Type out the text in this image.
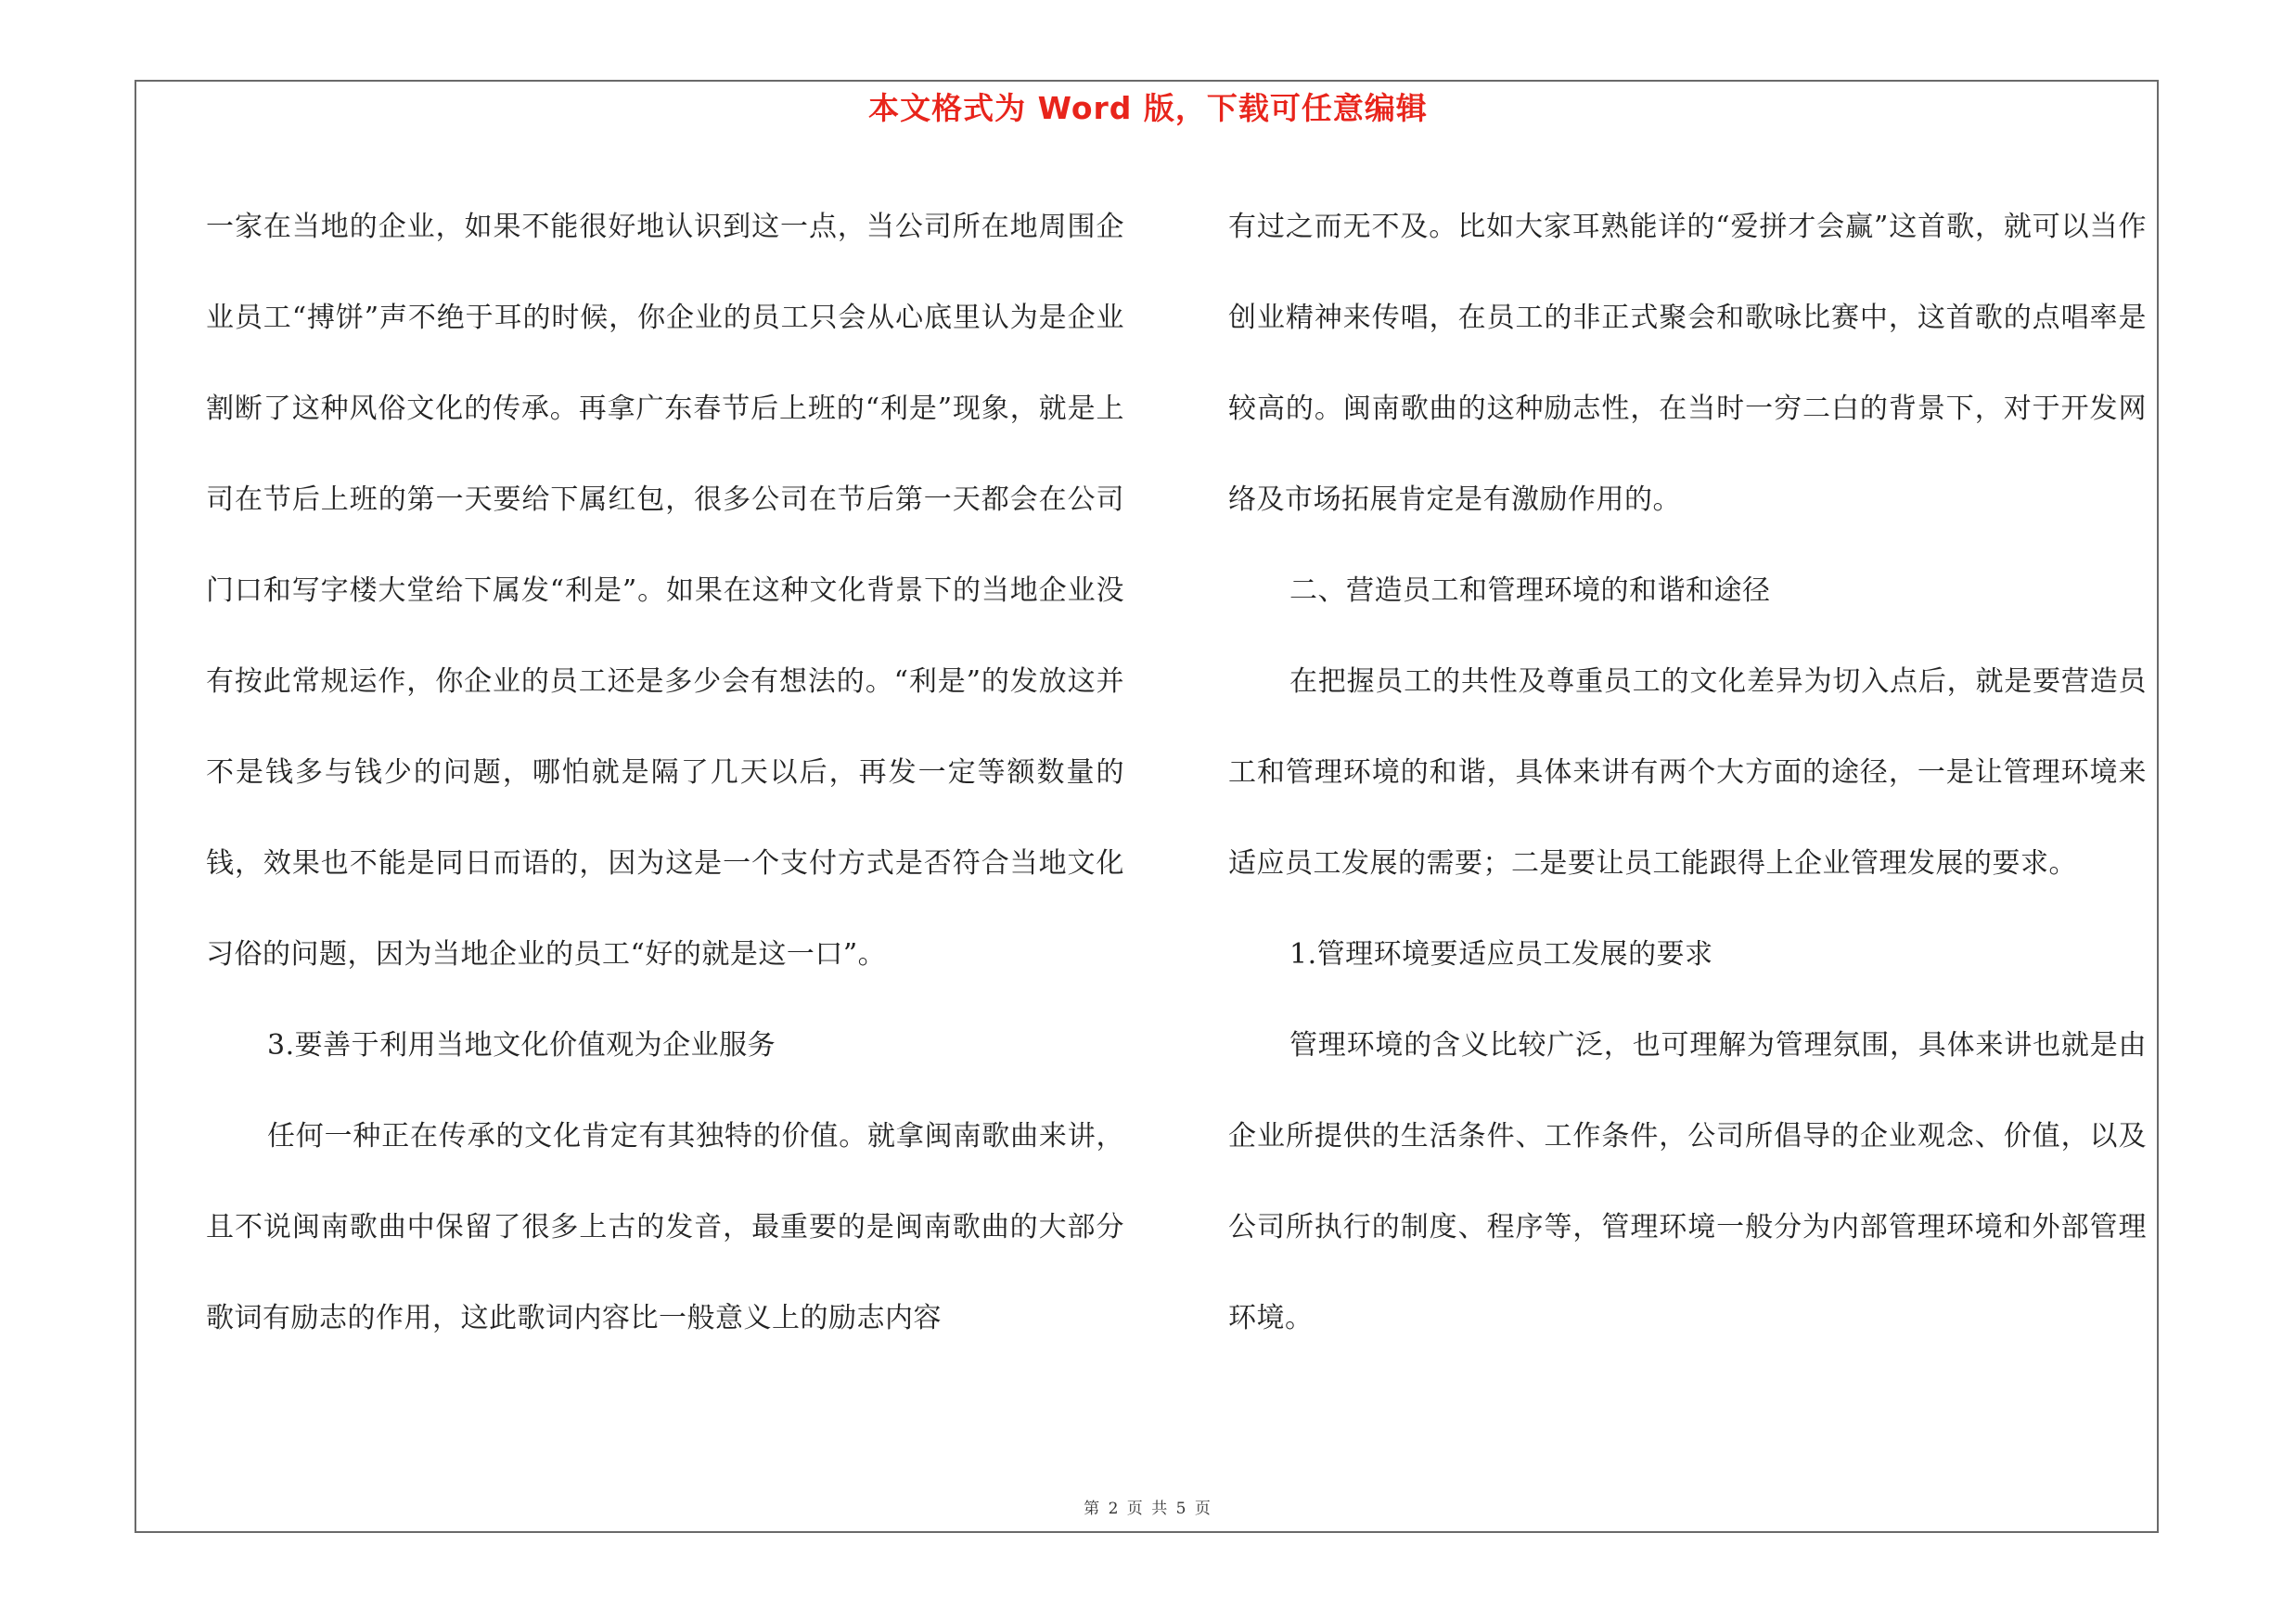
本文格式为 Word 版，下载可任意编辑

一家在当地的企业，如果不能很好地认识到这一点，当公司所在地周围企业员工“搏饼”声不绝于耳的时候，你企业的员工只会从心底里认为是企业割断了这种风俗文化的传承。再拿广东春节后上班的“利是”现象，就是上司在节后上班的第一天要给下属红包，很多公司在节后第一天都会在公司门口和写字楼大堂给下属发“利是”。如果在这种文化背景下的当地企业没有按此常规运作，你企业的员工还是多少会有想法的。“利是”的发放这并不是钱多与钱少的问题，哪怕就是隔了几天以后，再发一定等额数量的钱，效果也不能是同日而语的，因为这是一个支付方式是否符合当地文化习俗的问题，因为当地企业的员工“好的就是这一口”。

3.要善于利用当地文化价值观为企业服务

任何一种正在传承的文化肯定有其独特的价值。就拿闽南歌曲来讲，且不说闽南歌曲中保留了很多上古的发音，最重要的是闽南歌曲的大部分歌词有励志的作用，这此歌词内容比一般意义上的励志内容

有过之而无不及。比如大家耳熟能详的“爱拼才会赢”这首歌，就可以当作创业精神来传唱，在员工的非正式聚会和歌咏比赛中，这首歌的点唱率是较高的。闽南歌曲的这种励志性，在当时一穷二白的背景下，对于开发网络及市场拓展肯定是有激励作用的。

二、营造员工和管理环境的和谐和途径

在把握员工的共性及尊重员工的文化差异为切入点后，就是要营造员工和管理环境的和谐，具体来讲有两个大方面的途径，一是让管理环境来适应员工发展的需要；二是要让员工能跟得上企业管理发展的要求。

1.管理环境要适应员工发展的要求

管理环境的含义比较广泛，也可理解为管理氛围，具体来讲也就是由企业所提供的生活条件、工作条件，公司所倡导的企业观念、价值，以及公司所执行的制度、程序等，管理环境一般分为内部管理环境和外部管理环境。

第 2 页 共 5 页
